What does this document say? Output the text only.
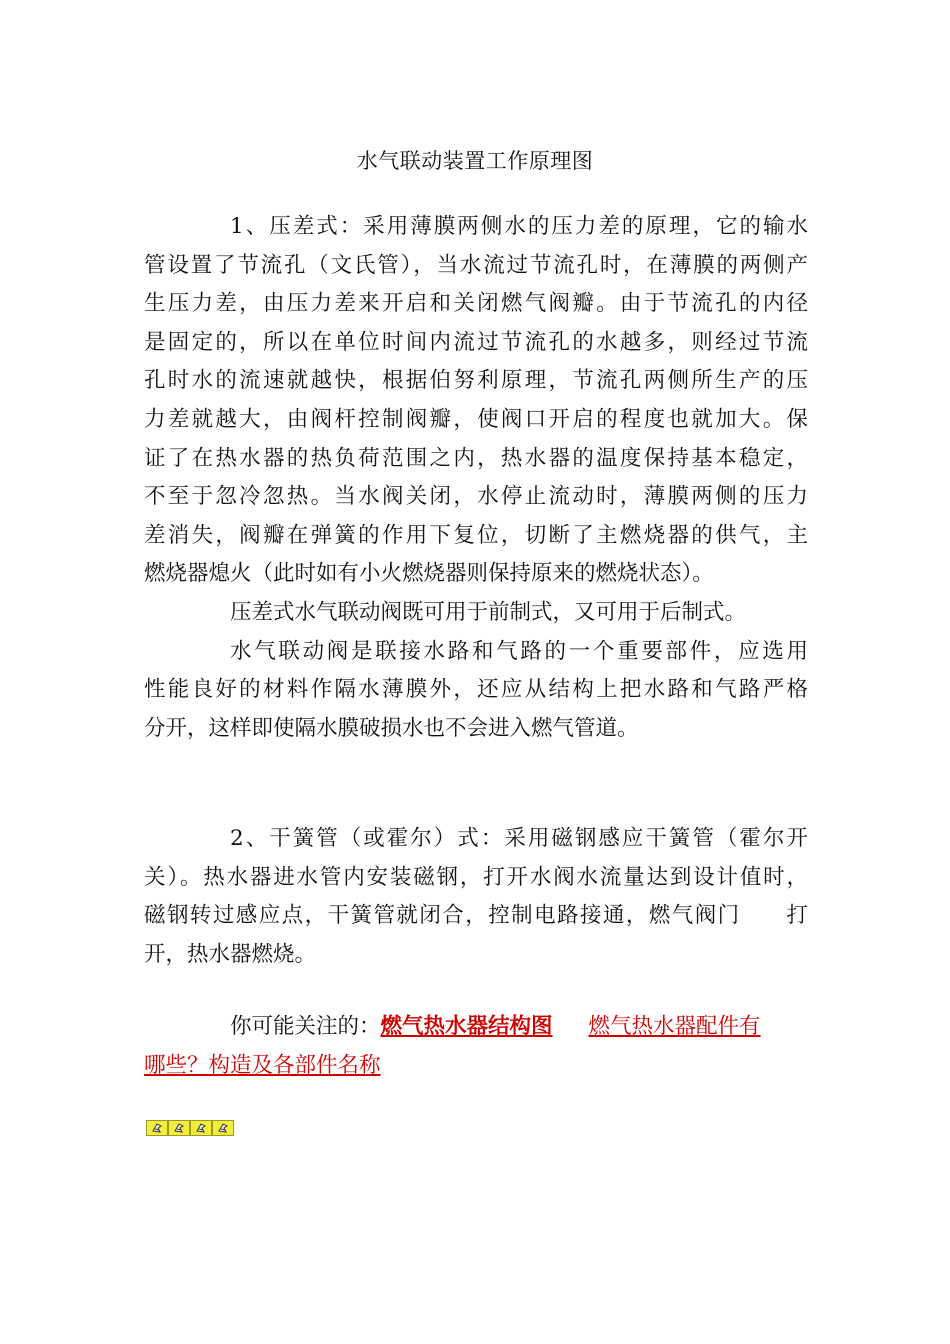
水气联动装置工作原理图
1、压差式：采用薄膜两侧水的压力差的原理，它的输水
管设置了节流孔（文氏管），当水流过节流孔时，在薄膜的两侧产
生压力差，由压力差来开启和关闭燃气阀瓣。由于节流孔的内径
是固定的，所以在单位时间内流过节流孔的水越多，则经过节流
孔时水的流速就越快，根据伯努利原理，节流孔两侧所生产的压
力差就越大，由阀杆控制阀瓣，使阀口开启的程度也就加大。保
证了在热水器的热负荷范围之内，热水器的温度保持基本稳定，
不至于忽冷忽热。当水阀关闭，水停止流动时，薄膜两侧的压力
差消失，阀瓣在弹簧的作用下复位，切断了主燃烧器的供气，主
燃烧器熄火（此时如有小火燃烧器则保持原来的燃烧状态）。
压差式水气联动阀既可用于前制式，又可用于后制式。
水气联动阀是联接水路和气路的一个重要部件，应选用
性能良好的材料作隔水薄膜外，还应从结构上把水路和气路严格
分开，这样即使隔水膜破损水也不会进入燃气管道。
2、干簧管（或霍尔）式：采用磁钢感应干簧管（霍尔开
关）。热水器进水管内安装磁钢，打开水阀水流量达到设计值时，
磁钢转过感应点，干簧管就闭合，控制电路接通，燃气阀门　　打
开，热水器燃烧。
你可能关注的：燃气热水器结构图 燃气热水器配件有
哪些？构造及各部件名称
